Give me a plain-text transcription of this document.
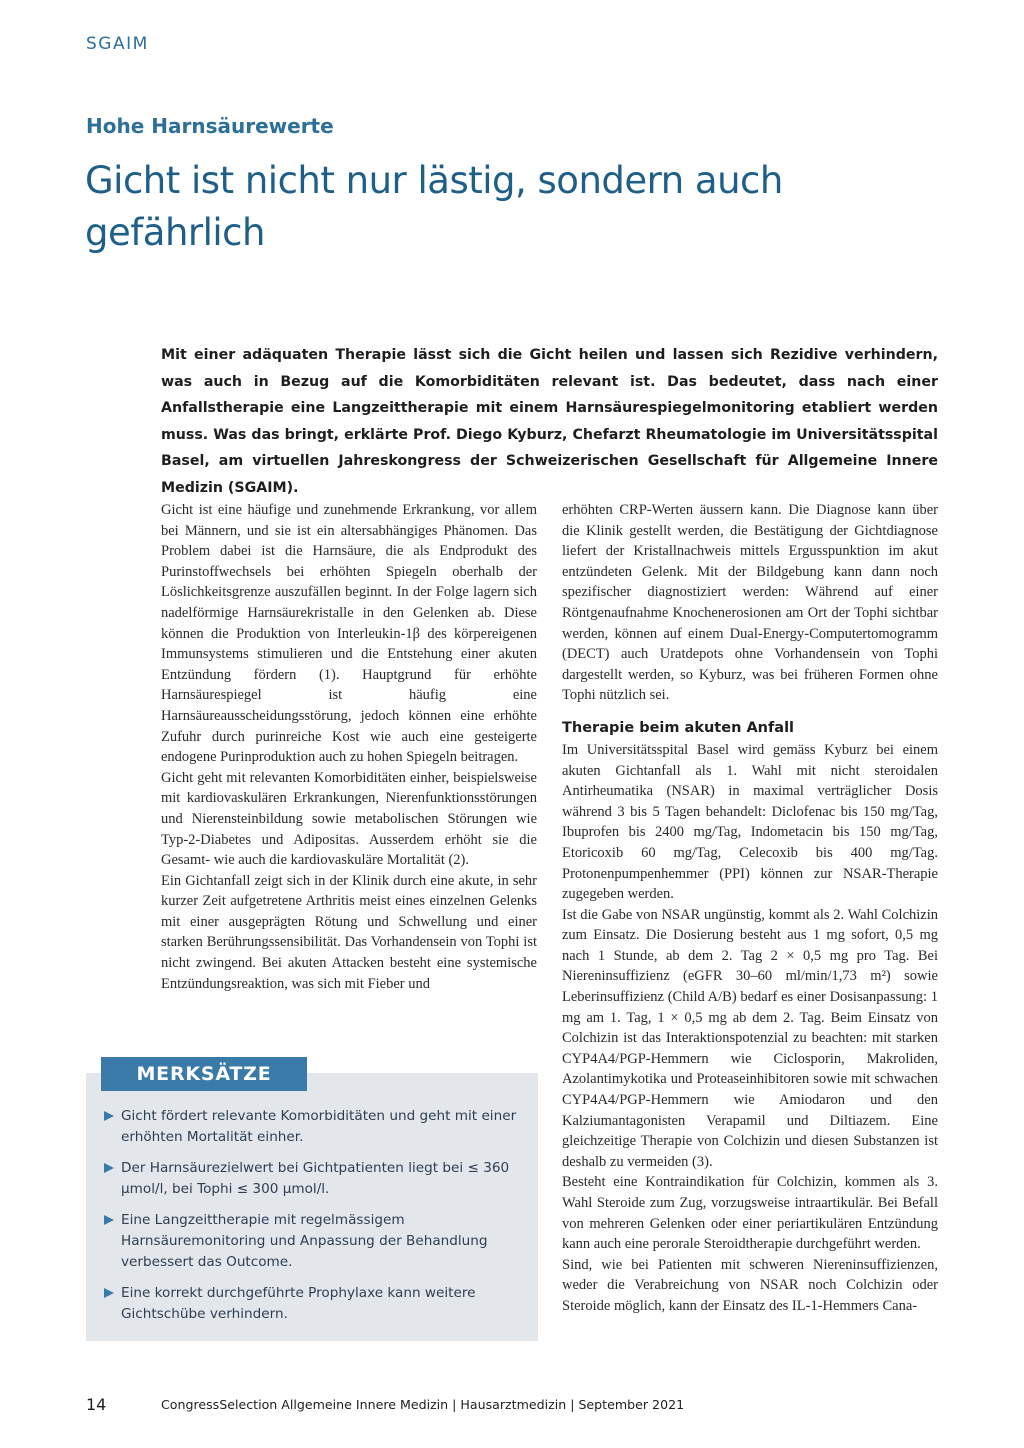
SGAIM
Hohe Harnsäurewerte
Gicht ist nicht nur lästig, sondern auch gefährlich

Mit einer adäquaten Therapie lässt sich die Gicht heilen und lassen sich Rezidive verhindern, was auch in Bezug auf die Komorbiditäten relevant ist. Das bedeutet, dass nach einer Anfallstherapie eine Langzeittherapie mit einem Harnsäurespiegelmonitoring etabliert werden muss. Was das bringt, erklärte Prof. Diego Kyburz, Chefarzt Rheumatologie im Universitätsspital Basel, am virtuellen Jahreskongress der Schweizerischen Gesellschaft für Allgemeine Innere Medizin (SGAIM).

Gicht ist eine häufige und zunehmende Erkrankung, vor allem bei Männern, und sie ist ein altersabhängiges Phänomen. Das Problem dabei ist die Harnsäure, die als Endprodukt des Purinstoffwechsels bei erhöhten Spiegeln oberhalb der Löslichkeitsgrenze auszufällen beginnt. In der Folge lagern sich nadelförmige Harnsäurekristalle in den Gelenken ab. Diese können die Produktion von Interleukin-1β des körpereigenen Immunsystems stimulieren und die Entstehung einer akuten Entzündung fördern (1). Hauptgrund für erhöhte Harnsäurespiegel ist häufig eine Harnsäureausscheidungsstörung, jedoch können eine erhöhte Zufuhr durch purinreiche Kost wie auch eine gesteigerte endogene Purinproduktion auch zu hohen Spiegeln beitragen.

Gicht geht mit relevanten Komorbiditäten einher, beispielsweise mit kardiovaskulären Erkrankungen, Nierenfunktionsstörungen und Nierensteinbildung sowie metabolischen Störungen wie Typ-2-Diabetes und Adipositas. Ausserdem erhöht sie die Gesamt- wie auch die kardiovaskuläre Mortalität (2).

Ein Gichtanfall zeigt sich in der Klinik durch eine akute, in sehr kurzer Zeit aufgetretene Arthritis meist eines einzelnen Gelenks mit einer ausgeprägten Rötung und Schwellung und einer starken Berührungssensibilität. Das Vorhandensein von Tophi ist nicht zwingend. Bei akuten Attacken besteht eine systemische Entzündungsreaktion, was sich mit Fieber und

MERKSÄTZE
Gicht fördert relevante Komorbiditäten und geht mit einer erhöhten Mortalität einher.
Der Harnsäurezielwert bei Gichtpatienten liegt bei ≤ 360 µmol/l, bei Tophi ≤ 300 µmol/l.
Eine Langzeittherapie mit regelmässigem Harnsäuremonitoring und Anpassung der Behandlung verbessert das Outcome.
Eine korrekt durchgeführte Prophylaxe kann weitere Gichtschübe verhindern.

erhöhten CRP-Werten äussern kann. Die Diagnose kann über die Klinik gestellt werden, die Bestätigung der Gichtdiagnose liefert der Kristallnachweis mittels Ergusspunktion im akut entzündeten Gelenk. Mit der Bildgebung kann dann noch spezifischer diagnostiziert werden: Während auf einer Röntgenaufnahme Knochenerosionen am Ort der Tophi sichtbar werden, können auf einem Dual-Energy-Computertomogramm (DECT) auch Uratdepots ohne Vorhandensein von Tophi dargestellt werden, so Kyburz, was bei früheren Formen ohne Tophi nützlich sei.

Therapie beim akuten Anfall

Im Universitätsspital Basel wird gemäss Kyburz bei einem akuten Gichtanfall als 1. Wahl mit nicht steroidalen Antirheumatika (NSAR) in maximal verträglicher Dosis während 3 bis 5 Tagen behandelt: Diclofenac bis 150 mg/Tag, Ibuprofen bis 2400 mg/Tag, Indometacin bis 150 mg/Tag, Etoricoxib 60 mg/Tag, Celecoxib bis 400 mg/Tag. Protonenpumpenhemmer (PPI) können zur NSAR-Therapie zugegeben werden.

Ist die Gabe von NSAR ungünstig, kommt als 2. Wahl Colchizin zum Einsatz. Die Dosierung besteht aus 1 mg sofort, 0,5 mg nach 1 Stunde, ab dem 2. Tag 2 × 0,5 mg pro Tag. Bei Niereninsuffizienz (eGFR 30–60 ml/min/1,73 m²) sowie Leberinsuffizienz (Child A/B) bedarf es einer Dosisanpassung: 1 mg am 1. Tag, 1 × 0,5 mg ab dem 2. Tag. Beim Einsatz von Colchizin ist das Interaktionspotenzial zu beachten: mit starken CYP4A4/PGP-Hemmern wie Ciclosporin, Makroliden, Azolantimykotika und Proteaseinhibitoren sowie mit schwachen CYP4A4/PGP-Hemmern wie Amiodaron und den Kalziumantagonisten Verapamil und Diltiazem. Eine gleichzeitige Therapie von Colchizin und diesen Substanzen ist deshalb zu vermeiden (3).

Besteht eine Kontraindikation für Colchizin, kommen als 3. Wahl Steroide zum Zug, vorzugsweise intraartikulär. Bei Befall von mehreren Gelenken oder einer periartikulären Entzündung kann auch eine perorale Steroidtherapie durchgeführt werden.

Sind, wie bei Patienten mit schweren Niereninsuffizienzen, weder die Verabreichung von NSAR noch Colchizin oder Steroide möglich, kann der Einsatz des IL-1-Hemmers Cana-

14	CongressSelection Allgemeine Innere Medizin | Hausarztmedizin | September 2021
